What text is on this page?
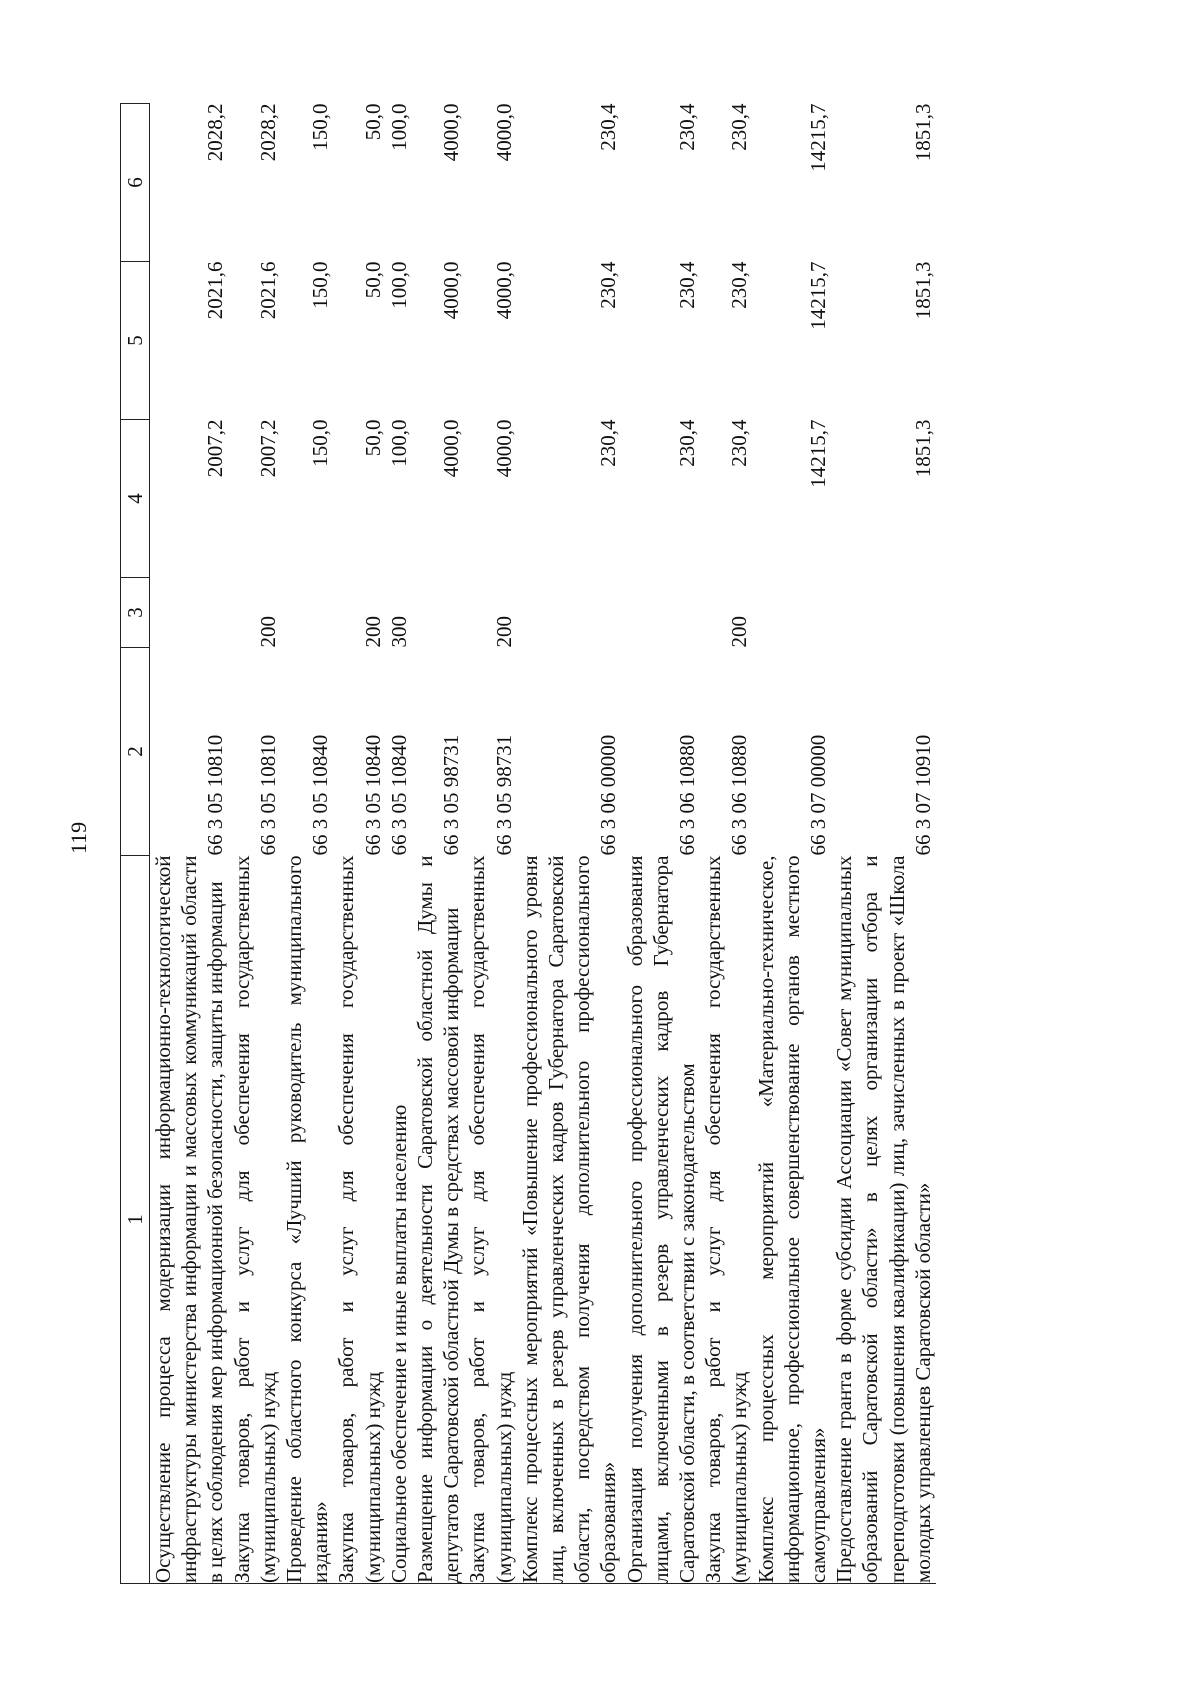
119
1	2	3	4	5	6
Осуществление процесса модернизации информационно-технологической инфраструктуры министерства информации и массовых коммуникаций области в целях соблюдения мер информационной безопасности, защиты информации	66 3 05 10810		2007,2	2021,6	2028,2
Закупка товаров, работ и услуг для обеспечения государственных (муниципальных) нужд	66 3 05 10810	200	2007,2	2021,6	2028,2
Проведение областного конкурса «Лучший руководитель муниципального издания»	66 3 05 10840		150,0	150,0	150,0
Закупка товаров, работ и услуг для обеспечения государственных (муниципальных) нужд	66 3 05 10840	200	50,0	50,0	50,0
Социальное обеспечение и иные выплаты населению	66 3 05 10840	300	100,0	100,0	100,0
Размещение информации о деятельности Саратовской областной Думы и депутатов Саратовской областной Думы в средствах массовой информации	66 3 05 98731		4000,0	4000,0	4000,0
Закупка товаров, работ и услуг для обеспечения государственных (муниципальных) нужд	66 3 05 98731	200	4000,0	4000,0	4000,0
Комплекс процессных мероприятий «Повышение профессионального уровня лиц, включенных в резерв управленческих кадров Губернатора Саратовской области, посредством получения дополнительного профессионального образования»	66 3 06 00000		230,4	230,4	230,4
Организация получения дополнительного профессионального образования лицами, включенными в резерв управленческих кадров Губернатора Саратовской области, в соответствии с законодательством	66 3 06 10880		230,4	230,4	230,4
Закупка товаров, работ и услуг для обеспечения государственных (муниципальных) нужд	66 3 06 10880	200	230,4	230,4	230,4
Комплекс процессных мероприятий «Материально-техническое, информационное, профессиональное совершенствование органов местного самоуправления»	66 3 07 00000		14215,7	14215,7	14215,7
Предоставление гранта в форме субсидии Ассоциации «Совет муниципальных образований Саратовской области» в целях организации отбора и переподготовки (повышения квалификации) лиц, зачисленных в проект «Школа молодых управленцев Саратовской области»	66 3 07 10910		1851,3	1851,3	1851,3
